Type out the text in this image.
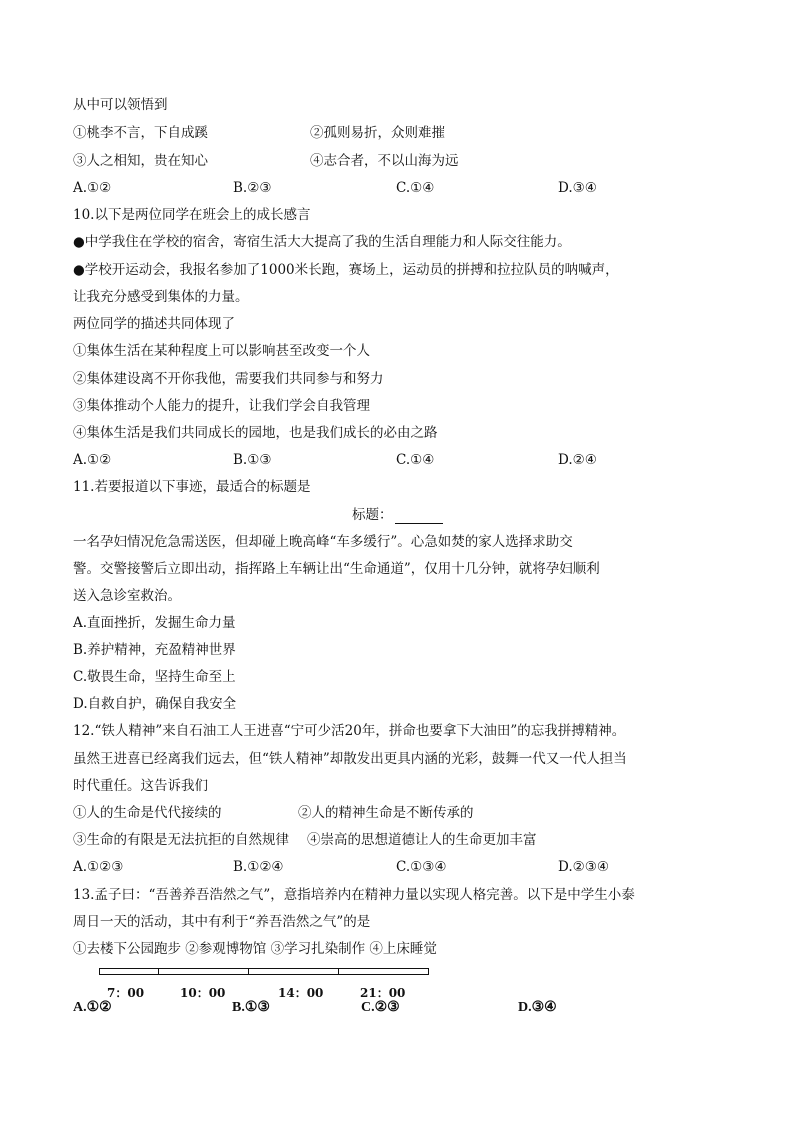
从中可以领悟到
①桃李不言，下自成蹊	②孤则易折，众则难摧
③人之相知，贵在知心	④志合者，不以山海为远
A.①②	B.②③	C.①④	D.③④
10.以下是两位同学在班会上的成长感言
●中学我住在学校的宿舍，寄宿生活大大提高了我的生活自理能力和人际交往能力。
●学校开运动会，我报名参加了1000米长跑，赛场上，运动员的拼搏和拉拉队员的呐喊声，
让我充分感受到集体的力量。
两位同学的描述共同体现了
①集体生活在某种程度上可以影响甚至改变一个人
②集体建设离不开你我他，需要我们共同参与和努力
③集体推动个人能力的提升，让我们学会自我管理
④集体生活是我们共同成长的园地，也是我们成长的必由之路
A.①②	B.①③	C.①④	D.②④
11.若要报道以下事迹，最适合的标题是
标题：
一名孕妇情况危急需送医，但却碰上晚高峰“车多缓行”。心急如焚的家人选择求助交
警。交警接警后立即出动，指挥路上车辆让出“生命通道”，仅用十几分钟，就将孕妇顺利
送入急诊室救治。
A.直面挫折，发掘生命力量
B.养护精神，充盈精神世界
C.敬畏生命，坚持生命至上
D.自救自护，确保自我安全
12.“铁人精神”来自石油工人王进喜“宁可少活20年，拼命也要拿下大油田”的忘我拼搏精神。
虽然王进喜已经离我们远去，但“铁人精神”却散发出更具内涵的光彩，鼓舞一代又一代人担当
时代重任。这告诉我们
①人的生命是代代接续的	②人的精神生命是不断传承的
③生命的有限是无法抗拒的自然规律 ④崇高的思想道德让人的生命更加丰富
A.①②③	B.①②④	C.①③④	D.②③④
13.孟子曰：“吾善养吾浩然之气”，意指培养内在精神力量以实现人格完善。以下是中学生小泰
周日一天的活动，其中有利于“养吾浩然之气”的是
①去楼下公园跑步 ②参观博物馆 ③学习扎染制作 ④上床睡觉
7：00	10：00	14：00	21：00
A.①②	B.①③	C.②③	D.③④
